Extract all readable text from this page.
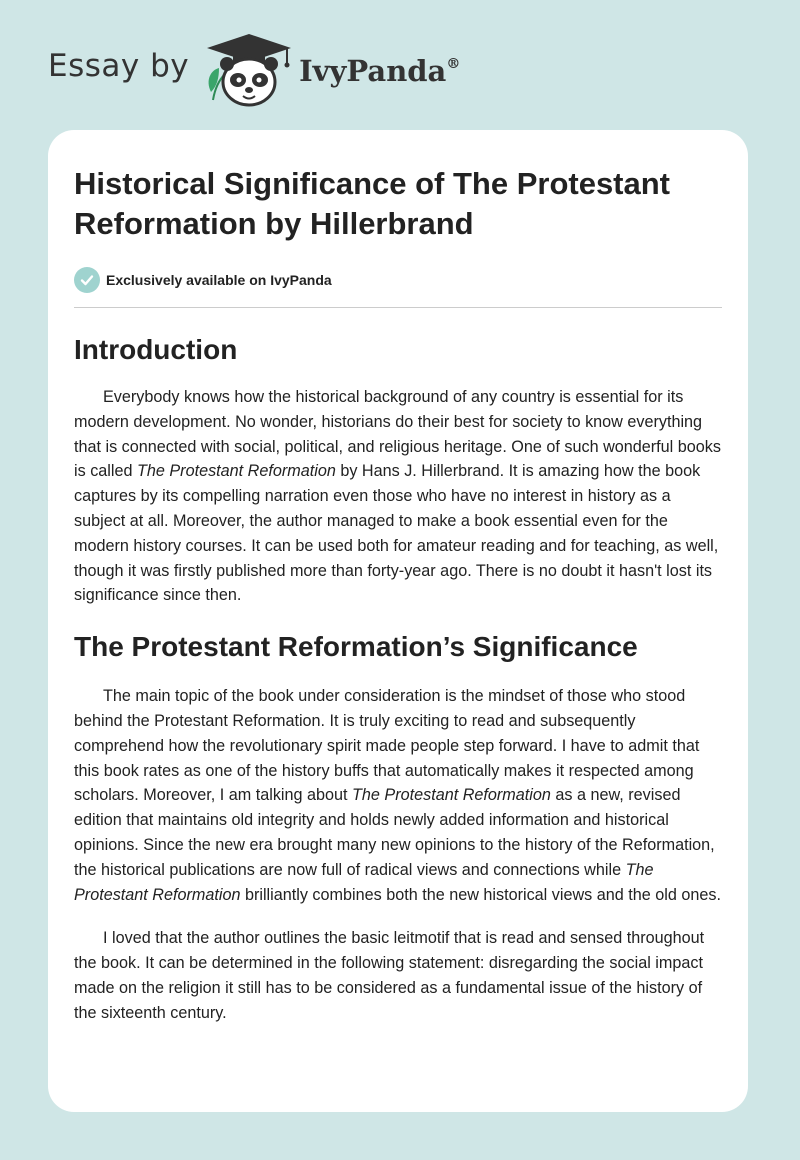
Essay by	IvyPanda®
Historical Significance of The Protestant Reformation by Hillerbrand
Exclusively available on IvyPanda
Introduction

Everybody knows how the historical background of any country is essential for its modern development. No wonder, historians do their best for society to know everything that is connected with social, political, and religious heritage. One of such wonderful books is called The Protestant Reformation by Hans J. Hillerbrand. It is amazing how the book captures by its compelling narration even those who have no interest in history as a subject at all. Moreover, the author managed to make a book essential even for the modern history courses. It can be used both for amateur reading and for teaching, as well, though it was firstly published more than forty-year ago. There is no doubt it hasn't lost its significance since then.

The Protestant Reformation’s Significance

The main topic of the book under consideration is the mindset of those who stood behind the Protestant Reformation. It is truly exciting to read and subsequently comprehend how the revolutionary spirit made people step forward. I have to admit that this book rates as one of the history buffs that automatically makes it respected among scholars. Moreover, I am talking about The Protestant Reformation as a new, revised edition that maintains old integrity and holds newly added information and historical opinions. Since the new era brought many new opinions to the history of the Reformation, the historical publications are now full of radical views and connections while The Protestant Reformation brilliantly combines both the new historical views and the old ones.

I loved that the author outlines the basic leitmotif that is read and sensed throughout the book. It can be determined in the following statement: disregarding the social impact made on the religion it still has to be considered as a fundamental issue of the history of the sixteenth century.
